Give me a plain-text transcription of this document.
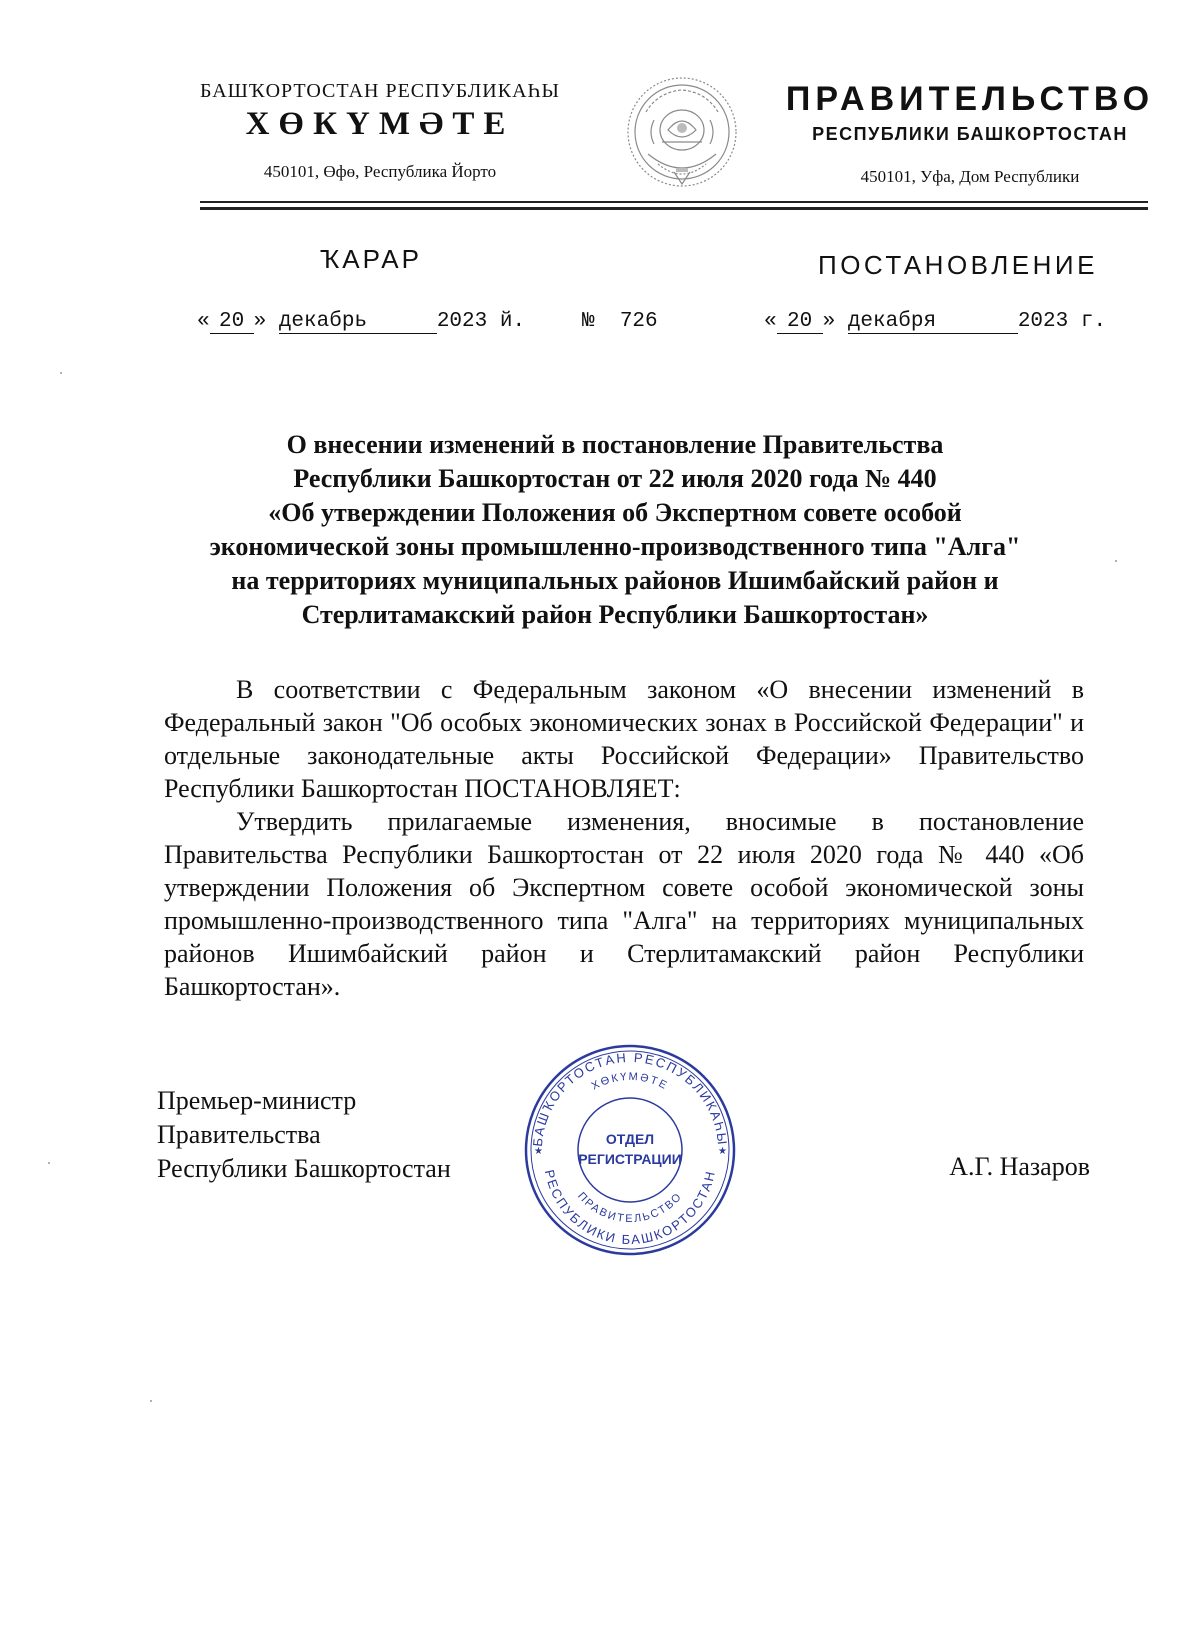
БАШҠОРТОСТАН РЕСПУБЛИКАҺЫ
ХӨКҮМӘТЕ
450101, Өфө, Республика Йорто
ПРАВИТЕЛЬСТВО
РЕСПУБЛИКИ БАШКОРТОСТАН
450101, Уфа, Дом Республики
ҠАРАР	ПОСТАНОВЛЕНИЕ
« 20 » декабрь	2023 й.	№ 726	« 20 » декабря	2023 г.
О внесении изменений в постановление Правительства
Республики Башкортостан от 22 июля 2020 года № 440
«Об утверждении Положения об Экспертном совете особой
экономической зоны промышленно-производственного типа "Алга"
на территориях муниципальных районов Ишимбайский район и
Стерлитамакский район Республики Башкортостан»

В соответствии с Федеральным законом «О внесении изменений в Федеральный закон "Об особых экономических зонах в Российской Федерации" и отдельные законодательные акты Российской Федерации» Правительство Республики Башкортостан ПОСТАНОВЛЯЕТ:

Утвердить прилагаемые изменения, вносимые в постановление Правительства Республики Башкортостан от 22 июля 2020 года № 440 «Об утверждении Положения об Экспертном совете особой экономической зоны промышленно-производственного типа "Алга" на территориях муниципальных районов Ишимбайский район и Стерлитамакский район Республики Башкортостан».

Премьер-министр
Правительства
Республики Башкортостан	А.Г. Назаров
БАШҠОРТОСТАН РЕСПУБЛИКАҺЫ
ХӨКҮМӘТЕ
РЕСПУБЛИКИ БАШКОРТОСТАН
ПРАВИТЕЛЬСТВО
★	★
ОТДЕЛ
РЕГИСТРАЦИИ
